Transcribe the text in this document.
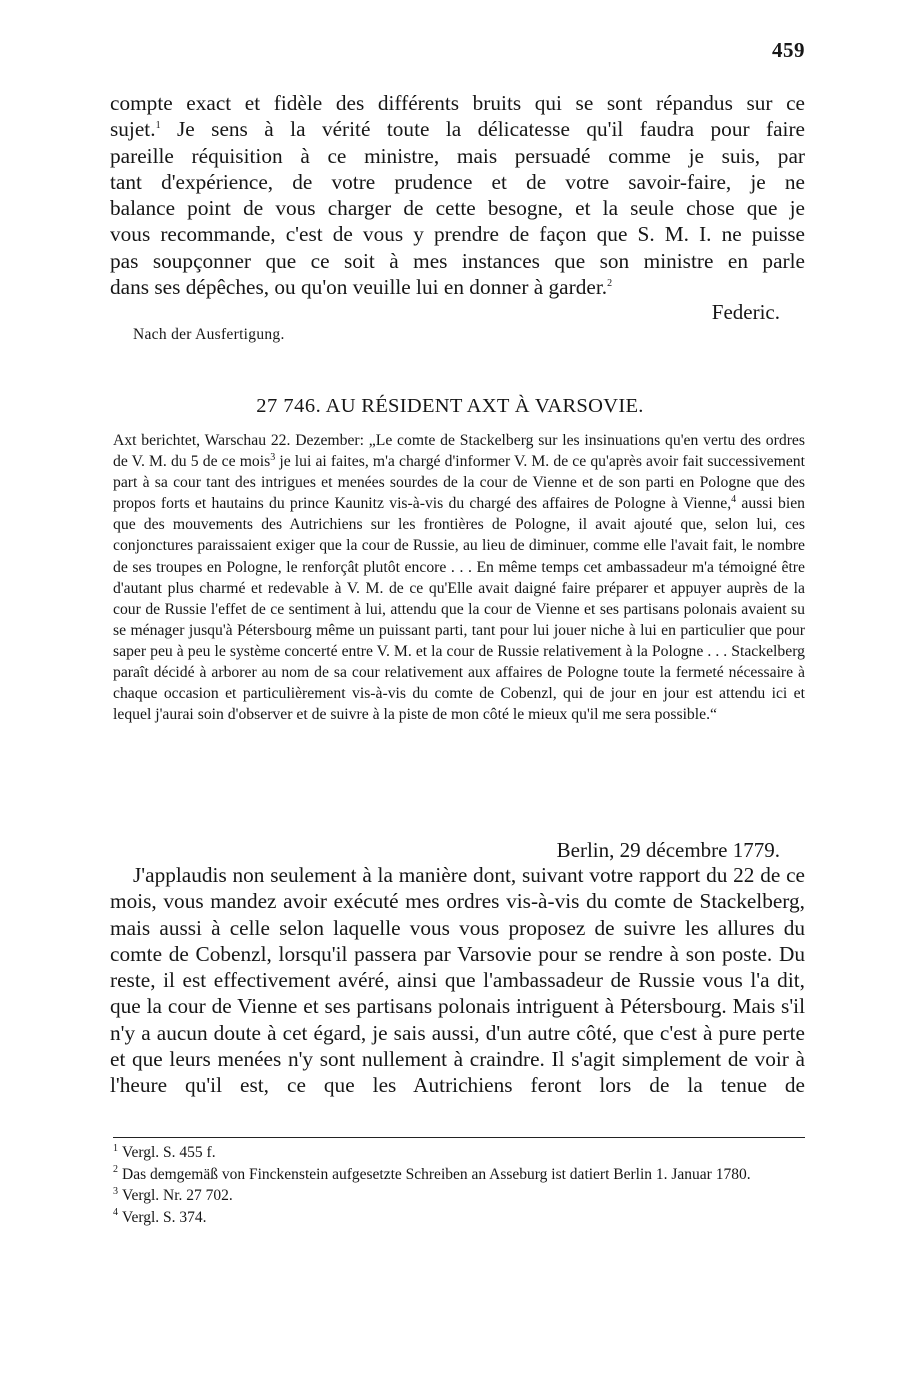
459

compte exact et fidèle des différents bruits qui se sont répandus sur ce

sujet.$^1$ Je sens à la vérité toute la délicatesse qu'il faudra pour faire

pareille réquisition à ce ministre, mais persuadé comme je suis, par

tant d'expérience, de votre prudence et de votre savoir-faire, je ne

balance point de vous charger de cette besogne, et la seule chose que je

vous recommande, c'est de vous y prendre de façon que S. M. I. ne puisse

pas soupçonner que ce soit à mes instances que son ministre en parle

dans ses dépêches, ou qu'on veuille lui en donner à garder.$^2$

Federic.

Nach der Ausfertigung.
27 746. AU RÉSIDENT AXT À VARSOVIE.

Axt berichtet, Warschau 22. Dezember: „Le comte de Stackelberg sur les insinuations qu'en vertu des ordres de V. M. du 5 de ce mois$^3$ je lui ai faites, m'a chargé d'informer V. M. de ce qu'après avoir fait successivement part à sa cour tant des intrigues et menées sourdes de la cour de Vienne et de son parti en Pologne que des propos forts et hautains du prince Kaunitz vis-à-vis du chargé des affaires de Pologne à Vienne,$^4$ aussi bien que des mouvements des Autrichiens sur les frontières de Pologne, il avait ajouté que, selon lui, ces conjonctures paraissaient exiger que la cour de Russie, au lieu de diminuer, comme elle l'avait fait, le nombre de ses troupes en Pologne, le renforçât plutôt encore . . . En même temps cet ambassadeur m'a témoigné être d'autant plus charmé et redevable à V. M. de ce qu'Elle avait daigné faire préparer et appuyer auprès de la cour de Russie l'effet de ce sentiment à lui, attendu que la cour de Vienne et ses partisans polonais avaient su se ménager jusqu'à Pétersbourg même un puissant parti, tant pour lui jouer niche à lui en particulier que pour saper peu à peu le système concerté entre V. M. et la cour de Russie relativement à la Pologne . . . Stackelberg paraît décidé à arborer au nom de sa cour relativement aux affaires de Pologne toute la fermeté nécessaire à chaque occasion et particulièrement vis-à-vis du comte de Cobenzl, qui de jour en jour est attendu ici et lequel j'aurai soin d'observer et de suivre à la piste de mon côté le mieux qu'il me sera possible.“

Berlin, 29 décembre 1779.

J'applaudis non seulement à la manière dont, suivant votre rapport du 22 de ce mois, vous mandez avoir exécuté mes ordres vis-à-vis du comte de Stackelberg, mais aussi à celle selon laquelle vous vous proposez de suivre les allures du comte de Cobenzl, lorsqu'il passera par Varsovie pour se rendre à son poste. Du reste, il est effectivement avéré, ainsi que l'ambassadeur de Russie vous l'a dit, que la cour de Vienne et ses partisans polonais intriguent à Pétersbourg. Mais s'il n'y a aucun doute à cet égard, je sais aussi, d'un autre côté, que c'est à pure perte et que leurs menées n'y sont nullement à craindre. Il s'agit simplement de voir à l'heure qu'il est, ce que les Autrichiens feront lors de la tenue de

$^1$ Vergl. S. 455 f.
$^2$ Das demgemäß von Finckenstein aufgesetzte Schreiben an Asseburg ist datiert Berlin 1. Januar 1780.
$^3$ Vergl. Nr. 27 702.
$^4$ Vergl. S. 374.
